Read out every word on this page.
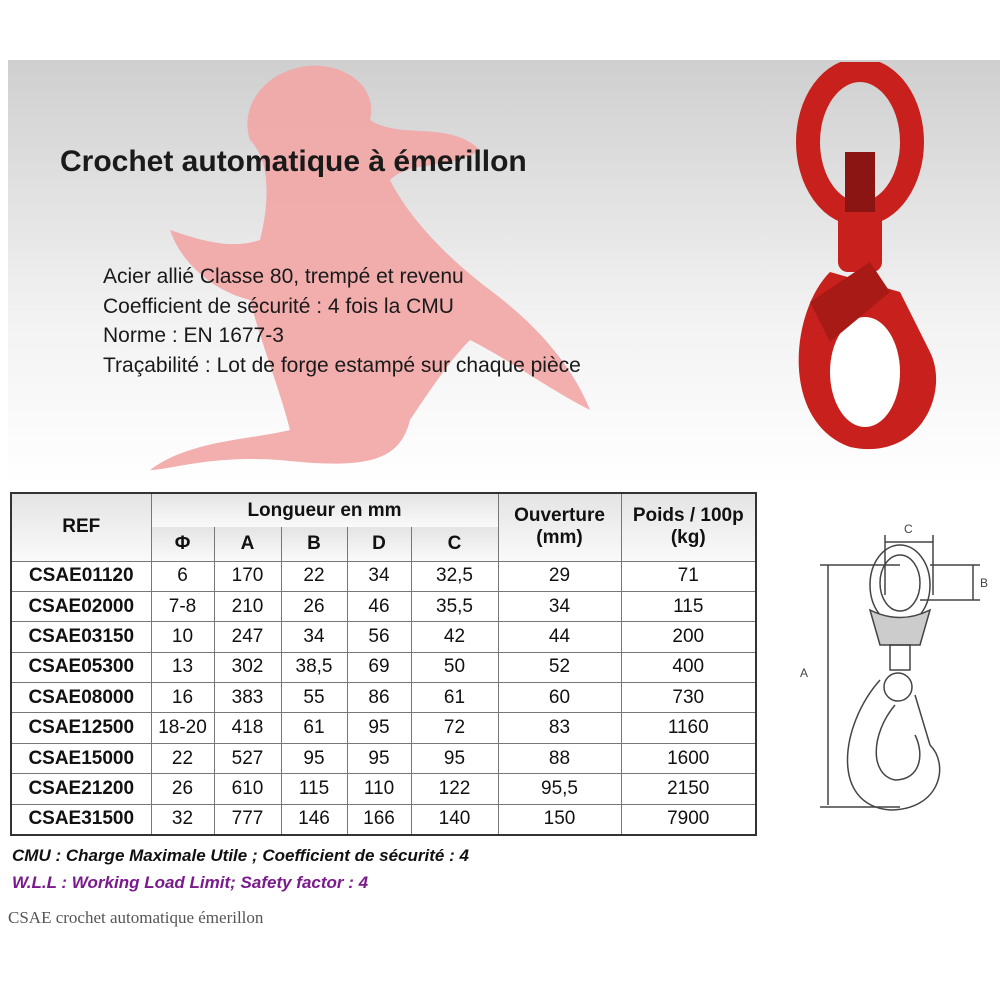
Crochet automatique à émerillon
Acier allié Classe 80, trempé et revenu
Coefficient de sécurité : 4 fois la CMU
Norme : EN 1677-3
Traçabilité : Lot de forge estampé sur chaque pièce
REF	Longueur en mm					Ouverture (mm)	Poids / 100p (kg)
	Φ	A	B	D	C		
CSAE01120	6	170	22	34	32,5	29	71
CSAE02000	7-8	210	26	46	35,5	34	115
CSAE03150	10	247	34	56	42	44	200
CSAE05300	13	302	38,5	69	50	52	400
CSAE08000	16	383	55	86	61	60	730
CSAE12500	18-20	418	61	95	72	83	1160
CSAE15000	22	527	95	95	95	88	1600
CSAE21200	26	610	115	110	122	95,5	2150
CSAE31500	32	777	146	166	140	150	7900
CMU : Charge Maximale Utile ; Coefficient de sécurité : 4
W.L.L : Working Load Limit; Safety factor : 4
CSAE crochet automatique émerillon
A
B
C
